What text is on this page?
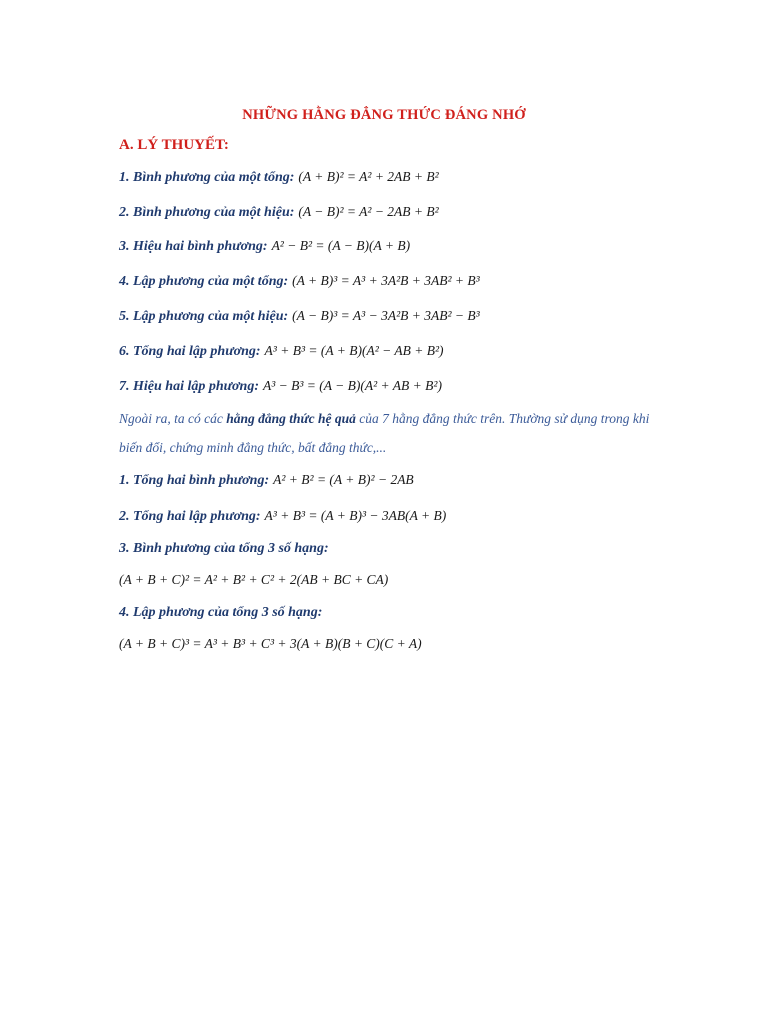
NHỮNG HẰNG ĐẲNG THỨC ĐÁNG NHỚ
A. LÝ THUYẾT:
1. Bình phương của một tổng: (A + B)² = A² + 2AB + B²
2. Bình phương của một hiệu: (A − B)² = A² − 2AB + B²
3. Hiệu hai bình phương: A² − B² = (A − B)(A + B)
4. Lập phương của một tổng: (A + B)³ = A³ + 3A²B + 3AB² + B³
5. Lập phương của một hiệu: (A − B)³ = A³ − 3A²B + 3AB² − B³
6. Tổng hai lập phương: A³ + B³ = (A + B)(A² − AB + B²)
7. Hiệu hai lập phương: A³ − B³ = (A − B)(A² + AB + B²)
Ngoài ra, ta có các hằng đẳng thức hệ quả của 7 hằng đẳng thức trên. Thường sử dụng trong khi
biến đổi, chứng minh đẳng thức, bất đẳng thức,...
1. Tổng hai bình phương: A² + B² = (A + B)² − 2AB
2. Tổng hai lập phương: A³ + B³ = (A + B)³ − 3AB(A + B)
3. Bình phương của tổng 3 số hạng:
(A + B + C)² = A² + B² + C² + 2(AB + BC + CA)
4. Lập phương của tổng 3 số hạng:
(A + B + C)³ = A³ + B³ + C³ + 3(A + B)(B + C)(C + A)
